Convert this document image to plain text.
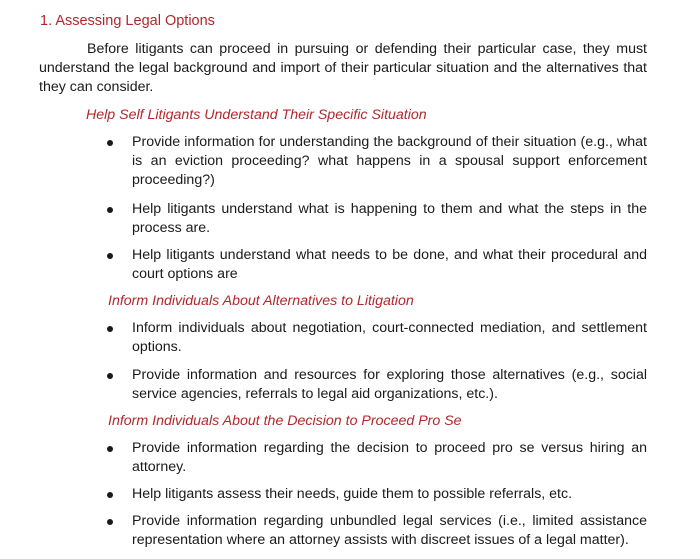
1. Assessing Legal Options
Before litigants can proceed in pursuing or defending their particular case, they must understand the legal background and import of their particular situation and the alternatives that they can consider.
Help Self Litigants Understand Their Specific Situation
Provide information for understanding the background of their situation (e.g., what is an eviction proceeding? what happens in a spousal support enforcement proceeding?)
Help litigants understand what is happening to them and what the steps in the process are.
Help litigants understand what needs to be done, and what their procedural and court options are
Inform Individuals About Alternatives to Litigation
Inform individuals about negotiation, court-connected mediation, and settlement options.
Provide information and resources for exploring those alternatives (e.g., social service agencies, referrals to legal aid organizations, etc.).
Inform Individuals About the Decision to Proceed Pro Se
Provide information regarding the decision to proceed pro se versus hiring an attorney.
Help litigants assess their needs, guide them to possible referrals, etc.
Provide information regarding unbundled legal services (i.e., limited assistance representation where an attorney assists with discreet issues of a legal matter).
